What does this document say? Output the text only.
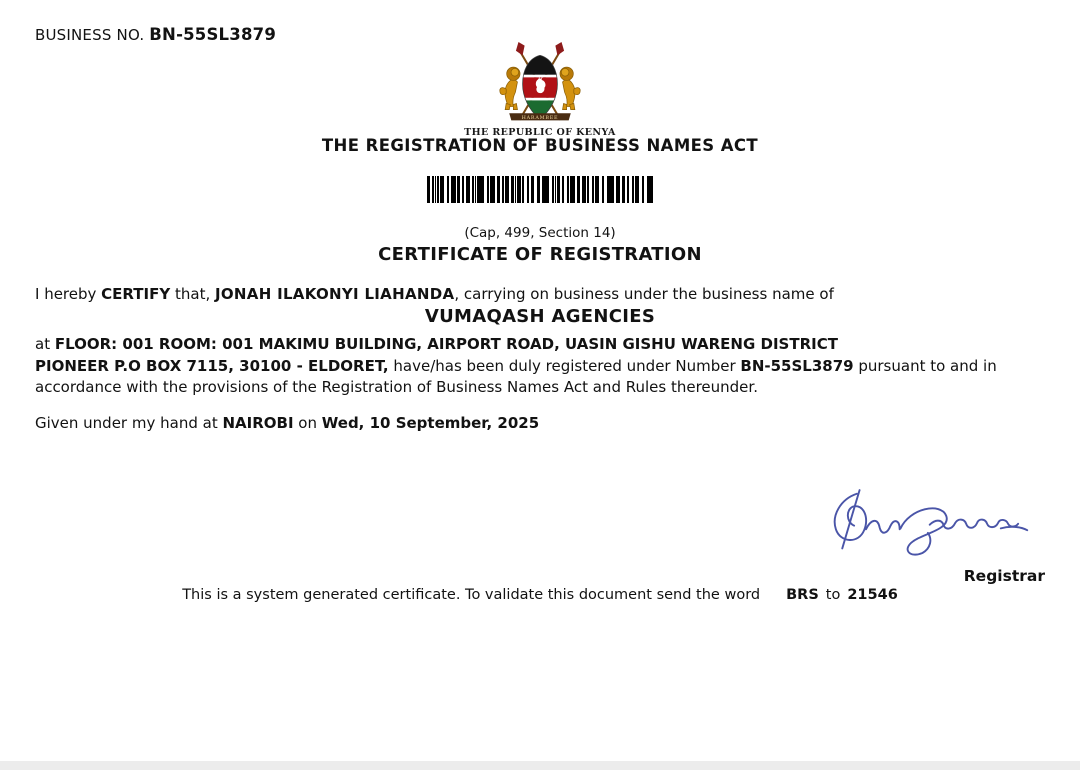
BUSINESS NO. BN-55SL3879
HARAMBEE
THE REPUBLIC OF KENYA
THE REGISTRATION OF BUSINESS NAMES ACT
(Cap, 499, Section 14)
CERTIFICATE OF REGISTRATION
I hereby CERTIFY that, JONAH ILAKONYI LIAHANDA, carrying on business under the business name of
VUMAQASH AGENCIES
at FLOOR: 001 ROOM: 001 MAKIMU BUILDING, AIRPORT ROAD, UASIN GISHU WARENG DISTRICT
PIONEER P.O BOX 7115, 30100 - ELDORET, have/has been duly registered under Number BN-55SL3879 pursuant to and in accordance with the provisions of the Registration of Business Names Act and Rules thereunder.
Given under my hand at NAIROBI on Wed, 10 September, 2025
Registrar
This is a system generated certificate. To validate this document send the word BRS to 21546
